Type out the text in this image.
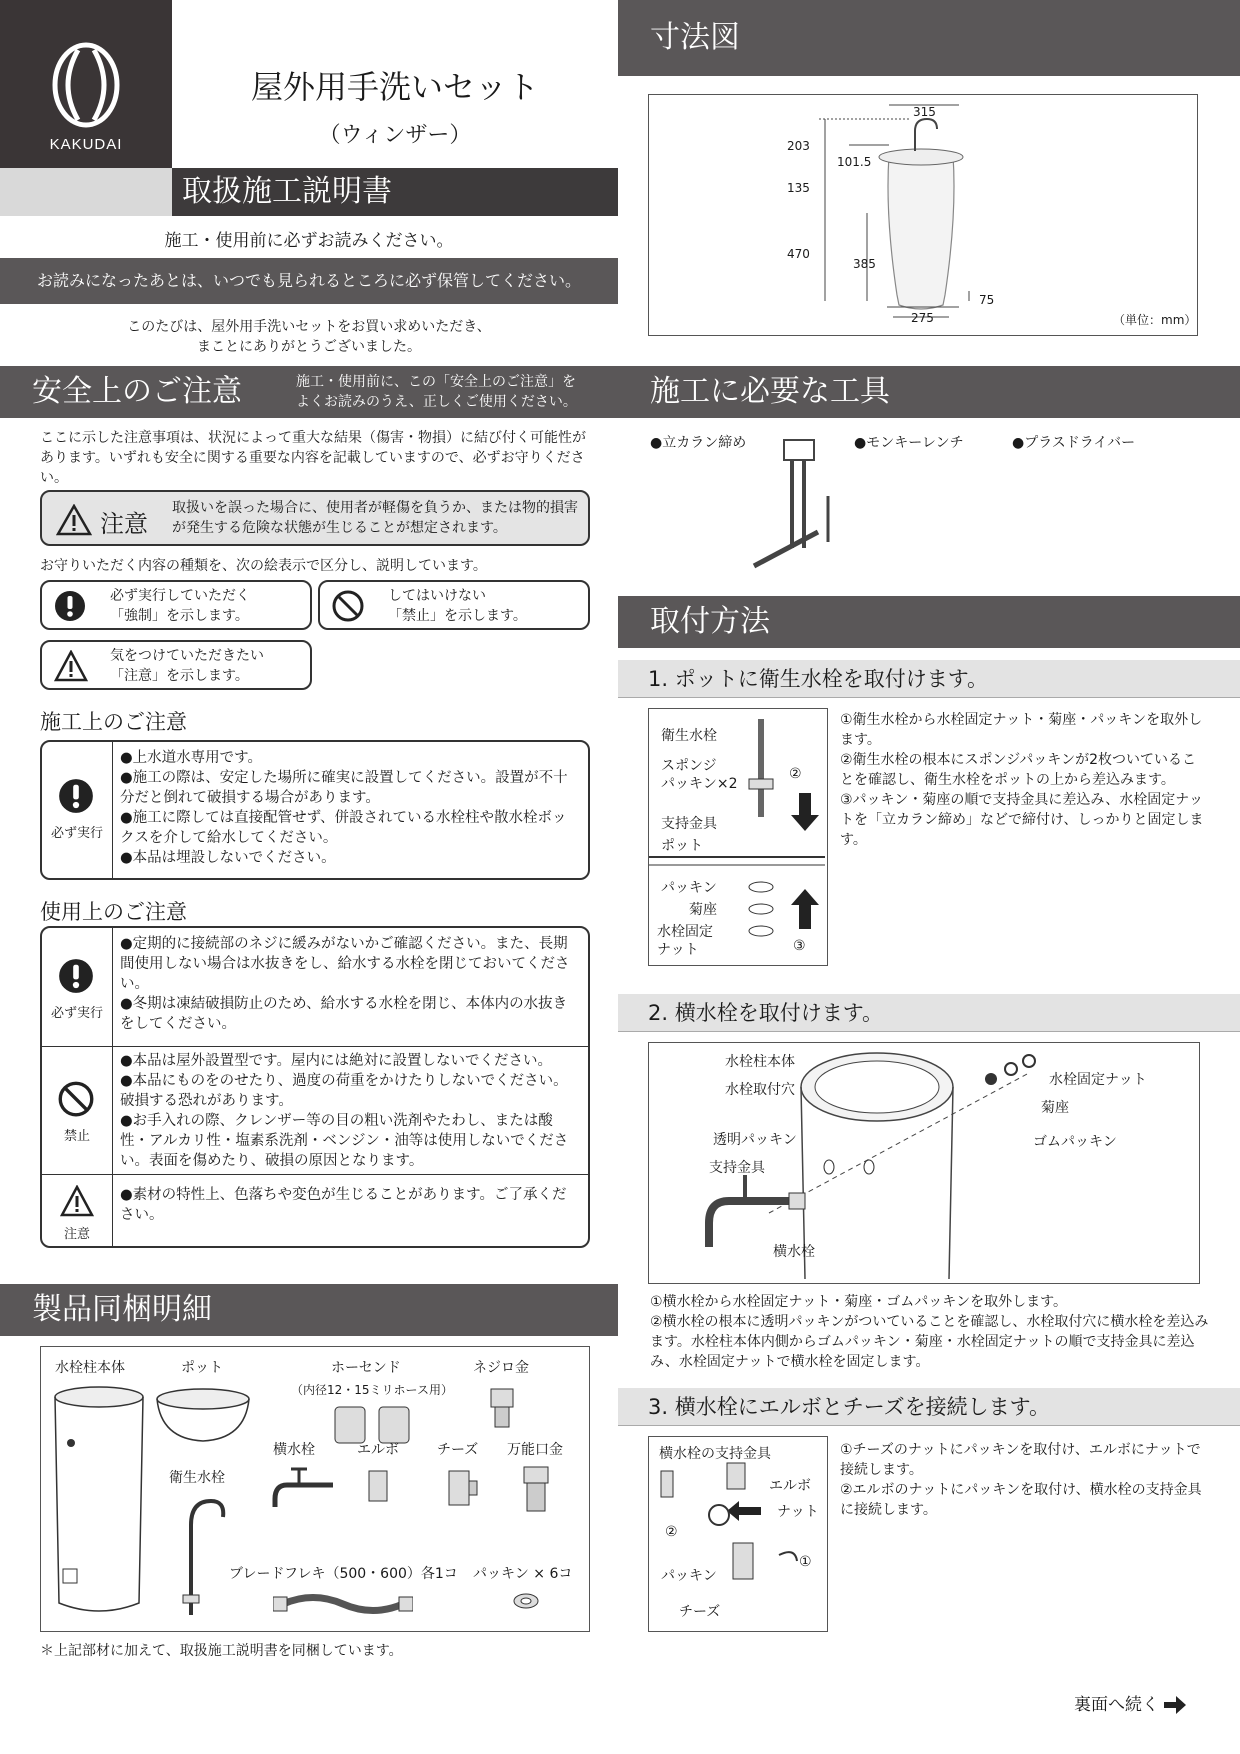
KAKUDAI
屋外用手洗いセット
（ウィンザー）
取扱施工説明書
施工・使用前に必ずお読みください。
お読みになったあとは、いつでも見られるところに必ず保管してください。
このたびは、屋外用手洗いセットをお買い求めいただき、
まことにありがとうございました。
安全上のご注意	施工・使用前に、この「安全上のご注意」を
よくお読みのうえ、正しくご使用ください。
ここに示した注意事項は、状況によって重大な結果（傷害・物損）に結び付く可能性があります。いずれも安全に関する重要な内容を記載していますので、必ずお守りください。
注意
取扱いを誤った場合に、使用者が軽傷を負うか、または物的損害が発生する危険な状態が生じることが想定されます。
お守りいただく内容の種類を、次の絵表示で区分し、説明しています。
必ず実行していただく
「強制」を示します。
してはいけない
「禁止」を示します。
気をつけていただきたい
「注意」を示します。
施工上のご注意
必ず実行
●上水道水専用です。
●施工の際は、安定した場所に確実に設置してください。設置が不十分だと倒れて破損する場合があります。
●施工に際しては直接配管せず、併設されている水栓柱や散水栓ボックスを介して給水してください。
●本品は埋設しないでください。
使用上のご注意
必ず実行
●定期的に接続部のネジに緩みがないかご確認ください。また、長期間使用しない場合は水抜きをし、給水する水栓を閉じておいてください。
●冬期は凍結破損防止のため、給水する水栓を閉じ、本体内の水抜きをしてください。
禁止
●本品は屋外設置型です。屋内には絶対に設置しないでください。
●本品にものをのせたり、過度の荷重をかけたりしないでください。破損する恐れがあります。
●お手入れの際、クレンザー等の目の粗い洗剤やたわし、または酸性・アルカリ性・塩素系洗剤・ベンジン・油等は使用しないでください。表面を傷めたり、破損の原因となります。
注意
●素材の特性上、色落ちや変色が生じることがあります。ご了承ください。
製品同梱明細
水栓柱本体	ポット	ホーセンド
（内径12・15ミリホース用）
ネジロ金
衛生水栓
横水栓	エルボ	チーズ 万能口金
ブレードフレキ（500・600）各1コ パッキン × 6コ
＊上記部材に加えて、取扱施工説明書を同梱しています。
寸法図
315
203
101.5
135
470
385
75
275	（単位：mm）
施工に必要な工具
●立カラン締め	●モンキーレンチ	●プラスドライバー
取付方法
1. ポットに衛生水栓を取付けます。
衛生水栓
スポンジ
パッキン×2
②
支持金具
ポット
パッキン
菊座
水栓固定
ナット	③
①衛生水栓から水栓固定ナット・菊座・パッキンを取外します。
②衛生水栓の根本にスポンジパッキンが2枚ついていることを確認し、衛生水栓をポットの上から差込みます。
③パッキン・菊座の順で支持金具に差込み、水栓固定ナットを「立カラン締め」などで締付け、しっかりと固定します。
2. 横水栓を取付けます。
水栓柱本体
水栓取付穴
透明パッキン
支持金具
横水栓
水栓固定ナット
菊座
ゴムパッキン
①横水栓から水栓固定ナット・菊座・ゴムパッキンを取外します。
②横水栓の根本に透明パッキンがついていることを確認し、水栓取付穴に横水栓を差込みます。水栓柱本体内側からゴムパッキン・菊座・水栓固定ナットの順で支持金具に差込み、水栓固定ナットで横水栓を固定します。
3. 横水栓にエルボとチーズを接続します。
横水栓の支持金具
エルボ
ナット
②
①
パッキン
チーズ
①チーズのナットにパッキンを取付け、エルボにナットで接続します。
②エルボのナットにパッキンを取付け、横水栓の支持金具に接続します。
裏面へ続く
